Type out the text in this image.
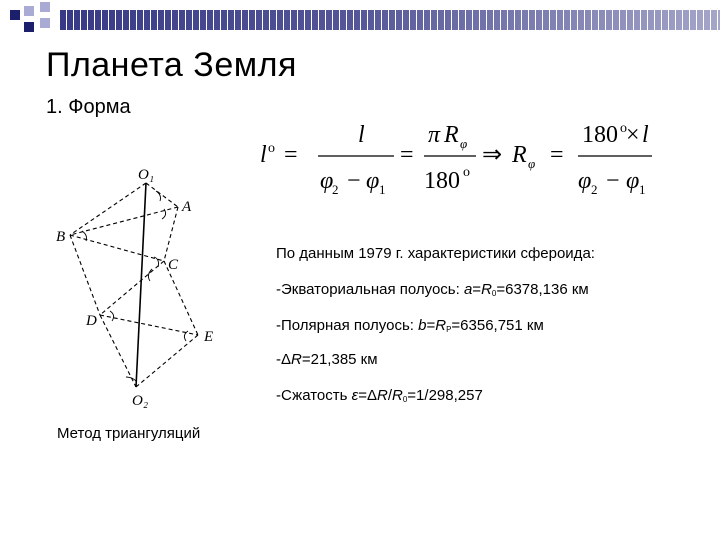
Планета Земля
1. Форма
l о =
l
φ
2 − φ 1
=
π R φ
180 о
⇒ R φ =
180 о × l
φ 2 − φ 1
O₁
A
B
C
D
E
O₂
Метод триангуляций
По данным 1979 г. характеристики сфероида:
-Экваториальная полуось: $a=R_0=6378,136$ км
-Полярная полуось: $b=R_P=6356,751$ км
-ΔR=21,385 км
-Сжатость $\varepsilon=\Delta R/R_0=1/298,257$
